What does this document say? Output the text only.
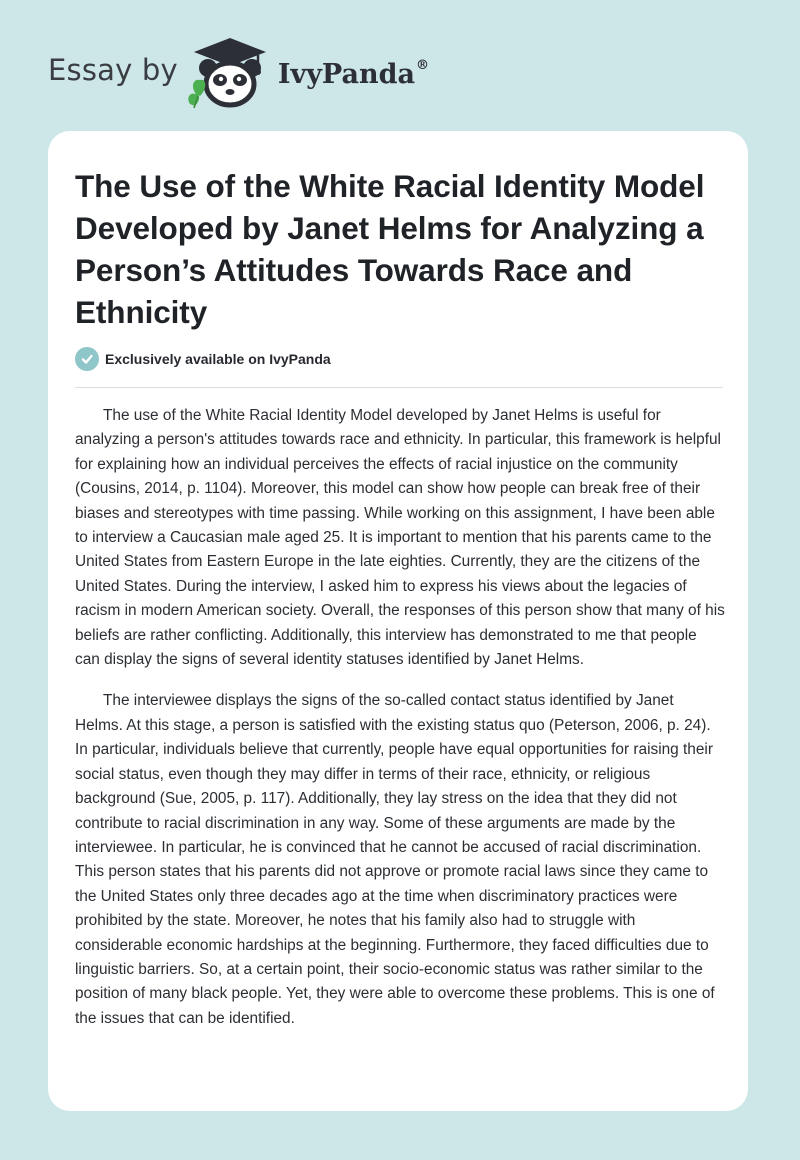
Essay by	IvyPanda®
The Use of the White Racial Identity Model Developed by Janet Helms for Analyzing a Person’s Attitudes Towards Race and Ethnicity
Exclusively available on IvyPanda

The use of the White Racial Identity Model developed by Janet Helms is useful for analyzing a person's attitudes towards race and ethnicity. In particular, this framework is helpful for explaining how an individual perceives the effects of racial injustice on the community (Cousins, 2014, p. 1104). Moreover, this model can show how people can break free of their biases and stereotypes with time passing. While working on this assignment, I have been able to interview a Caucasian male aged 25. It is important to mention that his parents came to the United States from Eastern Europe in the late eighties. Currently, they are the citizens of the United States. During the interview, I asked him to express his views about the legacies of racism in modern American society. Overall, the responses of this person show that many of his beliefs are rather conflicting. Additionally, this interview has demonstrated to me that people can display the signs of several identity statuses identified by Janet Helms.

The interviewee displays the signs of the so-called contact status identified by Janet Helms. At this stage, a person is satisfied with the existing status quo (Peterson, 2006, p. 24). In particular, individuals believe that currently, people have equal opportunities for raising their social status, even though they may differ in terms of their race, ethnicity, or religious background (Sue, 2005, p. 117). Additionally, they lay stress on the idea that they did not contribute to racial discrimination in any way. Some of these arguments are made by the interviewee. In particular, he is convinced that he cannot be accused of racial discrimination. This person states that his parents did not approve or promote racial laws since they came to the United States only three decades ago at the time when discriminatory practices were prohibited by the state. Moreover, he notes that his family also had to struggle with considerable economic hardships at the beginning. Furthermore, they faced difficulties due to linguistic barriers. So, at a certain point, their socio-economic status was rather similar to the position of many black people. Yet, they were able to overcome these problems. This is one of the issues that can be identified.
